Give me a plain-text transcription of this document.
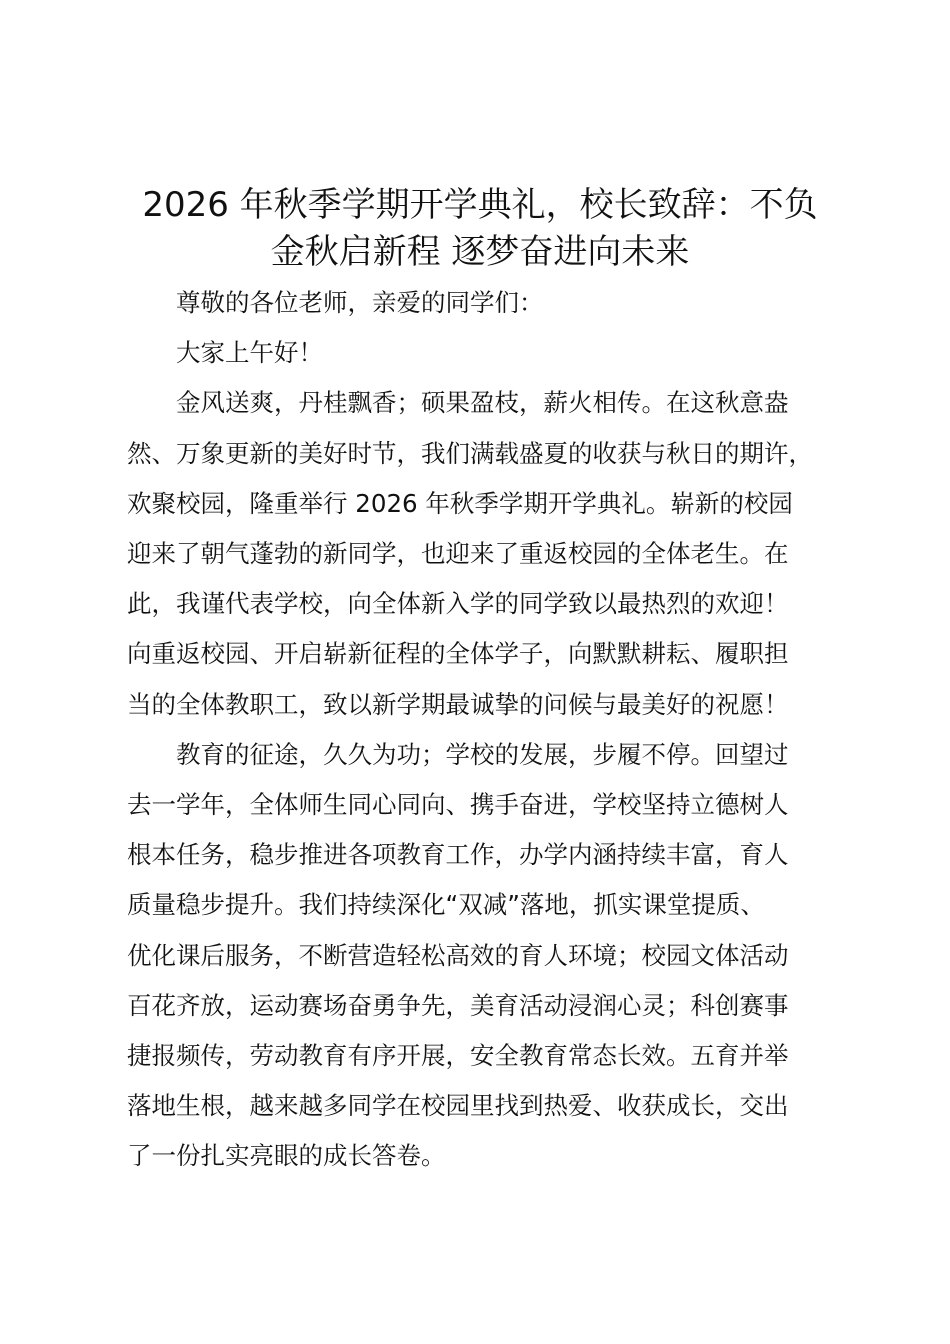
2026 年秋季学期开学典礼，校长致辞：不负
金秋启新程 逐梦奋进向未来

尊敬的各位老师，亲爱的同学们：

大家上午好！

金风送爽，丹桂飘香；硕果盈枝，薪火相传。在这秋意盎
然、万象更新的美好时节，我们满载盛夏的收获与秋日的期许，
欢聚校园，隆重举行 2026 年秋季学期开学典礼。崭新的校园
迎来了朝气蓬勃的新同学，也迎来了重返校园的全体老生。在
此，我谨代表学校，向全体新入学的同学致以最热烈的欢迎！
向重返校园、开启崭新征程的全体学子，向默默耕耘、履职担
当的全体教职工，致以新学期最诚挚的问候与最美好的祝愿！

教育的征途，久久为功；学校的发展，步履不停。回望过
去一学年，全体师生同心同向、携手奋进，学校坚持立德树人
根本任务，稳步推进各项教育工作，办学内涵持续丰富，育人
质量稳步提升。我们持续深化“双减”落地，抓实课堂提质、
优化课后服务，不断营造轻松高效的育人环境；校园文体活动
百花齐放，运动赛场奋勇争先，美育活动浸润心灵；科创赛事
捷报频传，劳动教育有序开展，安全教育常态长效。五育并举
落地生根，越来越多同学在校园里找到热爱、收获成长，交出
了一份扎实亮眼的成长答卷。
